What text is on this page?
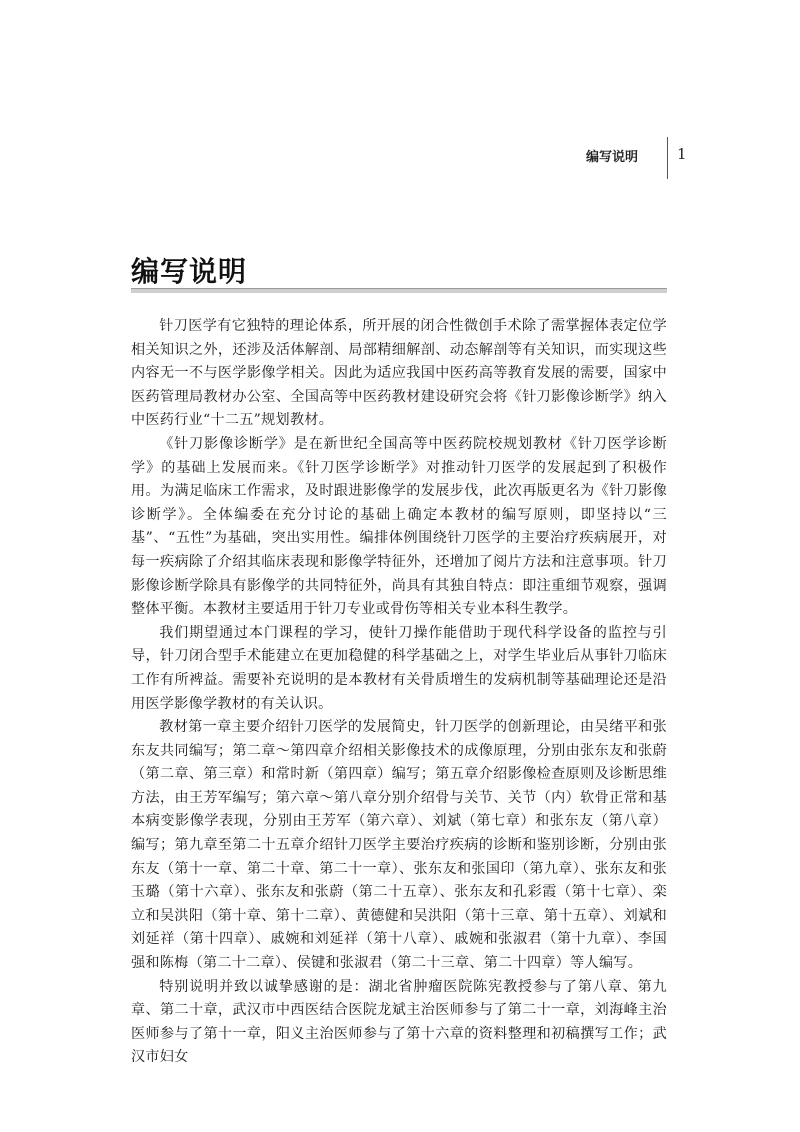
编写说明	1
编写说明

针刀医学有它独特的理论体系，所开展的闭合性微创手术除了需掌握体表定位学相关知识之外，还涉及活体解剖、局部精细解剖、动态解剖等有关知识，而实现这些内容无一不与医学影像学相关。因此为适应我国中医药高等教育发展的需要，国家中医药管理局教材办公室、全国高等中医药教材建设研究会将《针刀影像诊断学》纳入中医药行业“十二五”规划教材。

《针刀影像诊断学》是在新世纪全国高等中医药院校规划教材《针刀医学诊断学》的基础上发展而来。《针刀医学诊断学》对推动针刀医学的发展起到了积极作用。为满足临床工作需求，及时跟进影像学的发展步伐，此次再版更名为《针刀影像诊断学》。全体编委在充分讨论的基础上确定本教材的编写原则，即坚持以“三基”、“五性”为基础，突出实用性。编排体例围绕针刀医学的主要治疗疾病展开，对每一疾病除了介绍其临床表现和影像学特征外，还增加了阅片方法和注意事项。针刀影像诊断学除具有影像学的共同特征外，尚具有其独自特点：即注重细节观察，强调整体平衡。本教材主要适用于针刀专业或骨伤等相关专业本科生教学。

我们期望通过本门课程的学习，使针刀操作能借助于现代科学设备的监控与引导，针刀闭合型手术能建立在更加稳健的科学基础之上，对学生毕业后从事针刀临床工作有所裨益。需要补充说明的是本教材有关骨质增生的发病机制等基础理论还是沿用医学影像学教材的有关认识。

教材第一章主要介绍针刀医学的发展简史，针刀医学的创新理论，由吴绪平和张东友共同编写；第二章～第四章介绍相关影像技术的成像原理，分别由张东友和张蔚（第二章、第三章）和常时新（第四章）编写；第五章介绍影像检查原则及诊断思维方法，由王芳军编写；第六章～第八章分别介绍骨与关节、关节（内）软骨正常和基本病变影像学表现，分别由王芳军（第六章）、刘斌（第七章）和张东友（第八章）编写；第九章至第二十五章介绍针刀医学主要治疗疾病的诊断和鉴别诊断，分别由张东友（第十一章、第二十章、第二十一章）、张东友和张国印（第九章）、张东友和张玉璐（第十六章）、张东友和张蔚（第二十五章）、张东友和孔彩霞（第十七章）、栾立和吴洪阳（第十章、第十二章）、黄德健和吴洪阳（第十三章、第十五章）、刘斌和刘延祥（第十四章）、戚婉和刘延祥（第十八章）、戚婉和张淑君（第十九章）、李国强和陈梅（第二十二章）、侯键和张淑君（第二十三章、第二十四章）等人编写。

特别说明并致以诚挚感谢的是：湖北省肿瘤医院陈宪教授参与了第八章、第九章、第二十章，武汉市中西医结合医院龙斌主治医师参与了第二十一章，刘海峰主治医师参与了第十一章，阳义主治医师参与了第十六章的资料整理和初稿撰写工作；武汉市妇女
